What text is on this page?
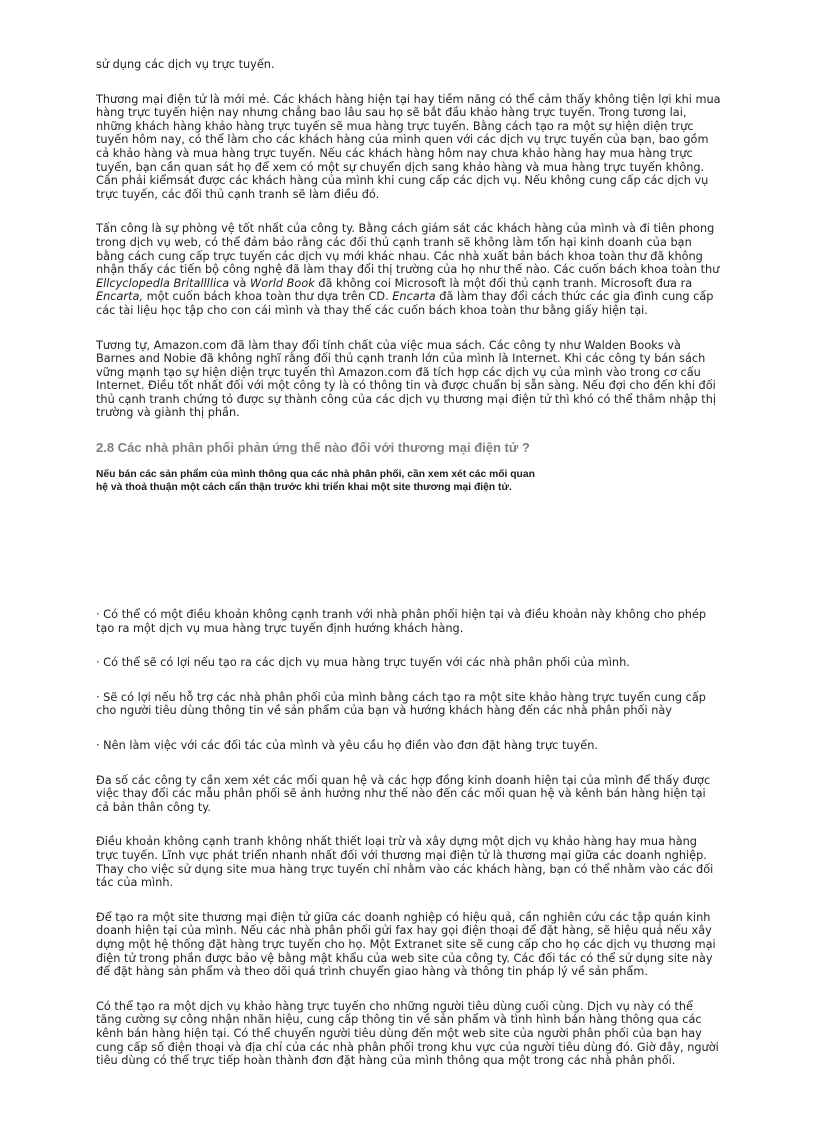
sử dụng các dịch vụ trực tuyến.

Thương mại điện tử là mới mẻ. Các khách hàng hiện tại hay tiềm năng có thể cảm thấy không tiện lợi khi mua hàng trực tuyến hiện nay nhưng chẳng bao lâu sau họ sẽ bắt đầu khảo hàng trực tuyến. Trong tương lai, những khách hàng khảo hàng trực tuyến sẽ mua hàng trực tuyến. Bằng cách tạo ra một sự hiện diện trực tuyến hôm nay, có thể làm cho các khách hàng của mình quen với các dịch vụ trực tuyến của bạn, bao gồm cả khảo hàng và mua hàng trực tuyến. Nếu các khách hàng hôm nay chưa khảo hàng hay mua hàng trực tuyến, bạn cần quan sát họ để xem có một sự chuyển dịch sang khảo hàng và mua hàng trực tuyến không. Cần phải kiểmsát được các khách hàng của mình khi cung cấp các dịch vụ. Nếu không cung cấp các dịch vụ trực tuyến, các đối thủ cạnh tranh sẽ làm điều đó.

Tấn công là sự phòng vệ tốt nhất của công ty. Bằng cách giám sát các khách hàng của mình và đi tiên phong trong dịch vụ web, có thể đảm bảo rằng các đối thủ cạnh tranh sẽ không làm tổn hại kinh doanh của bạn bằng cách cung cấp trực tuyến các dịch vụ mới khác nhau. Các nhà xuất bản bách khoa toàn thư đã không nhận thấy các tiến bộ công nghệ đã làm thay đổi thị trường của họ như thế nào. Các cuốn bách khoa toàn thư Ellcyclopedla Britallllica và World Book đã không coi Microsoft là một đối thủ cạnh tranh. Microsoft đưa ra Encarta, một cuốn bách khoa toàn thư dựa trên CD. Encarta đã làm thay đổi cách thức các gia đình cung cấp các tài liệu học tập cho con cái mình và thay thế các cuốn bách khoa toàn thư bằng giấy hiện tại.

Tương tự, Amazon.com đã làm thay đổi tính chất của việc mua sách. Các công ty như Walden Books và Barnes and Nobie đã không nghĩ rằng đối thủ cạnh tranh lớn của mình là Internet. Khi các công ty bán sách vững mạnh tạo sự hiện diện trực tuyến thì Amazon.com đã tích hợp các dịch vụ của mình vào trong cơ cấu Internet. Điều tốt nhất đối với một công ty là có thông tin và được chuẩn bị sẵn sàng. Nếu đợi cho đến khi đối thủ cạnh tranh chứng tỏ được sự thành công của các dịch vụ thương mại điện tử thì khó có thể thâm nhập thị trường và giành thị phần.

2.8 Các nhà phân phối phản ứng thế nào đối với thương mại điện tử ?

Nếu bán các sản phẩm của mình thông qua các nhà phân phối, cần xem xét các mối quan hệ và thoả thuận một cách cẩn thận trước khi triển khai một site thương mại điện tử.

· Có thể có một điều khoản không cạnh tranh với nhà phân phối hiện tại và điều khoản này không cho phép tạo ra một dịch vụ mua hàng trực tuyến định hướng khách hàng.

· Có thể sẽ có lợi nếu tạo ra các dịch vụ mua hàng trực tuyến với các nhà phân phối của mình.

· Sẽ có lợi nếu hỗ trợ các nhà phân phối của mình bằng cách tạo ra một site khảo hàng trực tuyến cung cấp cho người tiêu dùng thông tin về sản phẩm của bạn và hướng khách hàng đến các nhà phân phối này

· Nên làm việc với các đối tác của mình và yêu cầu họ điền vào đơn đặt hàng trực tuyến.

Đa số các công ty cần xem xét các mối quan hệ và các hợp đồng kinh doanh hiện tại của mình để thấy được việc thay đổi các mẫu phân phối sẽ ảnh hưởng như thế nào đến các mối quan hệ và kênh bán hàng hiện tại cả bản thân công ty.

Điều khoản không cạnh tranh không nhất thiết loại trừ và xây dựng một dịch vụ khảo hàng hay mua hàng trực tuyến. Lĩnh vực phát triển nhanh nhất đối với thương mại điện tử là thương mại giữa các doanh nghiệp. Thay cho việc sử dụng site mua hàng trực tuyến chỉ nhằm vào các khách hàng, bạn có thể nhằm vào các đối tác của mình.

Để tạo ra một site thương mại điện tử giữa các doanh nghiệp có hiệu quả, cần nghiên cứu các tập quán kinh doanh hiện tại của mình. Nếu các nhà phân phối gửi fax hay gọi điện thoại để đặt hàng, sẽ hiệu quả nếu xây dựng một hệ thống đặt hàng trực tuyến cho họ. Một Extranet site sẽ cung cấp cho họ các dịch vụ thương mại điện tử trong phần được bảo vệ bằng mật khẩu của web site của công ty. Các đối tác có thể sử dụng site này để đặt hàng sản phẩm và theo dõi quá trình chuyển giao hàng và thông tin pháp lý về sản phẩm.

Có thể tạo ra một dịch vụ khảo hàng trực tuyến cho những người tiêu dùng cuối cùng. Dịch vụ này có thể tăng cường sự công nhận nhãn hiệu, cung cấp thông tin về sản phẩm và tình hình bán hàng thông qua các kênh bán hàng hiện tại. Có thể chuyển người tiêu dùng đến một web site của người phân phối của bạn hay cung cấp số điện thoại và địa chỉ của các nhà phân phối trong khu vực của người tiêu dùng đó. Giờ đây, người tiêu dùng có thể trực tiếp hoàn thành đơn đặt hàng của mình thông qua một trong các nhà phân phối.
